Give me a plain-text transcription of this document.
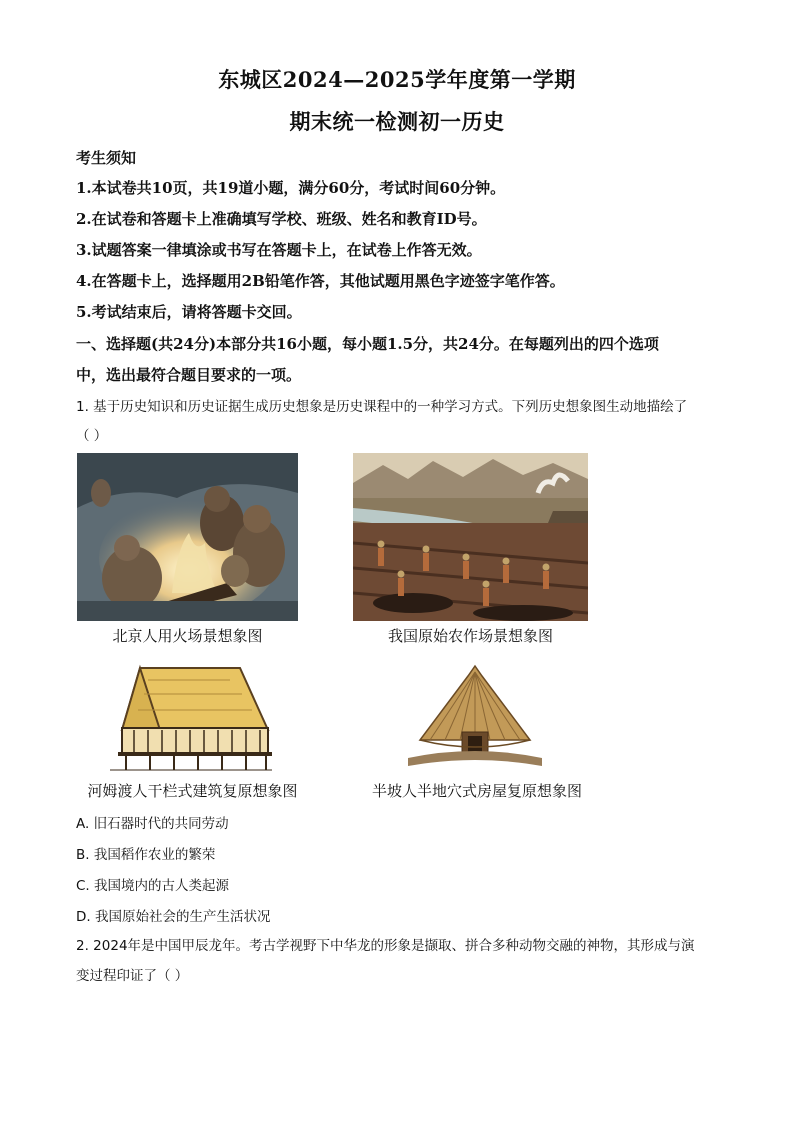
东城区2024—2025学年度第一学期
期末统一检测初一历史
考生须知
1.本试卷共10页，共19道小题，满分60分，考试时间60分钟。
2.在试卷和答题卡上准确填写学校、班级、姓名和教育ID号。
3.试题答案一律填涂或书写在答题卡上，在试卷上作答无效。
4.在答题卡上，选择题用2B铅笔作答，其他试题用黑色字迹签字笔作答。
5.考试结束后，请将答题卡交回。
一、选择题(共24分)本部分共16小题，每小题1.5分，共24分。在每题列出的四个选项
中，选出最符合题目要求的一项。
1. 基于历史知识和历史证据生成历史想象是历史课程中的一种学习方式。下列历史想象图生动地描绘了
（ ）
北京人用火场景想象图	我国原始农作场景想象图
河姆渡人干栏式建筑复原想象图	半坡人半地穴式房屋复原想象图
A. 旧石器时代的共同劳动
B. 我国稻作农业的繁荣
C. 我国境内的古人类起源
D. 我国原始社会的生产生活状况
2. 2024年是中国甲辰龙年。考古学视野下中华龙的形象是撷取、拼合多种动物交融的神物，其形成与演
变过程印证了（ ）
